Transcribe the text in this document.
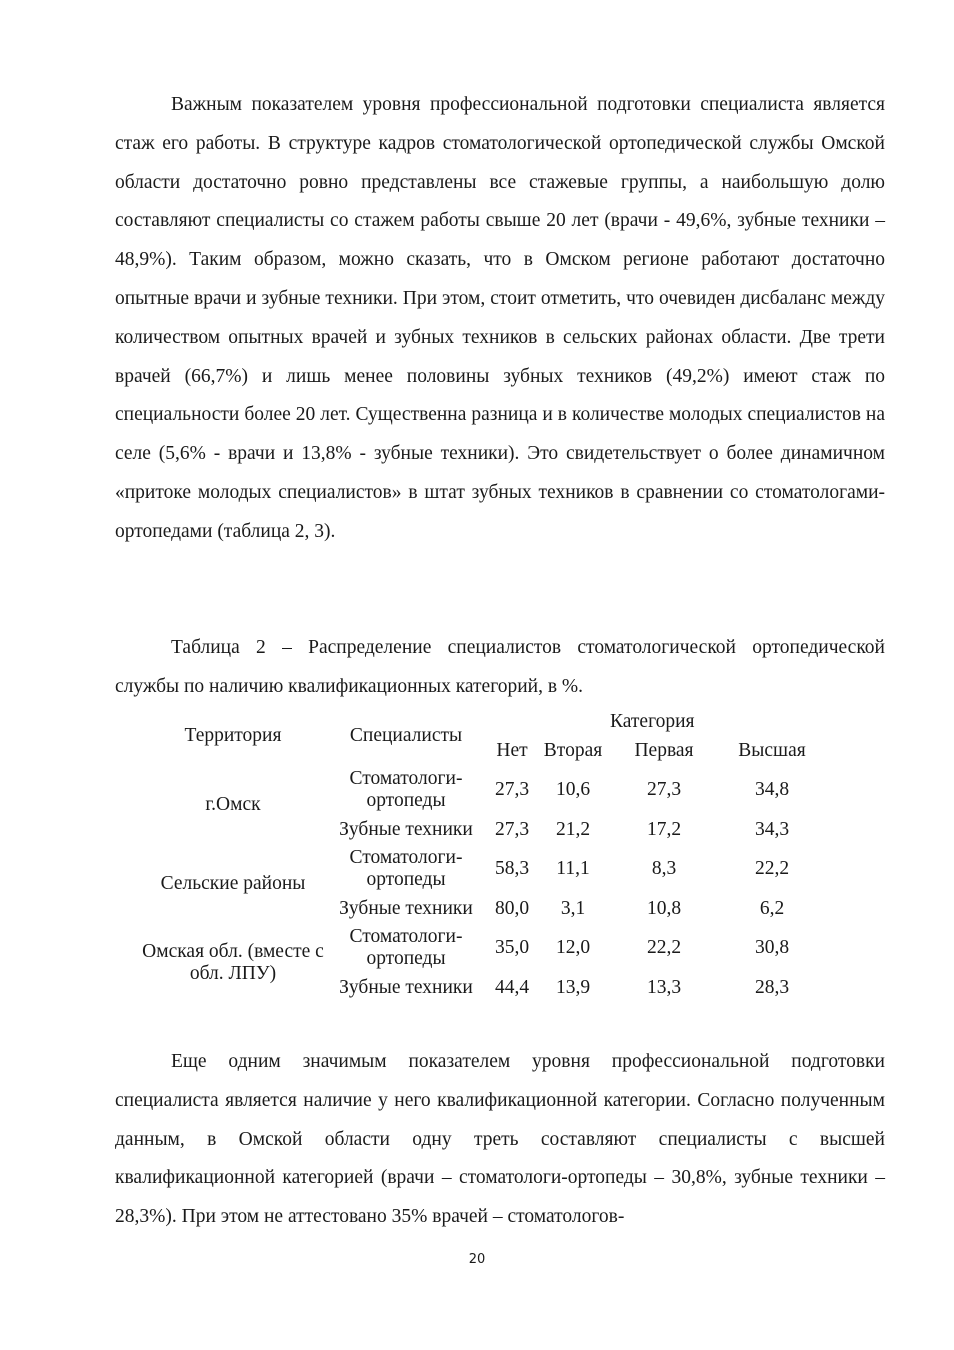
Важным показателем уровня профессиональной подготовки специалиста является стаж его работы. В структуре кадров стоматологической ортопедической службы Омской области достаточно ровно представлены все стажевые группы, а наибольшую долю составляют специалисты со стажем работы свыше 20 лет (врачи - 49,6%, зубные техники – 48,9%). Таким образом, можно сказать, что в Омском регионе работают достаточно опытные врачи и зубные техники. При этом, стоит отметить, что очевиден дисбаланс между количеством опытных врачей и зубных техников в сельских районах области. Две трети врачей (66,7%) и лишь менее половины зубных техников (49,2%) имеют стаж по специальности более 20 лет. Существенна разница и в количестве молодых специалистов на селе (5,6% - врачи и 13,8% - зубные техники). Это свидетельствует о более динамичном «притоке молодых специалистов» в штат зубных техников в сравнении со стоматологами-ортопедами (таблица 2, 3).

Таблица 2 – Распределение специалистов стоматологической ортопедической службы по наличию квалификационных категорий, в %.

Территория	Специалисты	Категория			
		Нет	Вторая	Первая	Высшая
г.Омск	Стоматологи-ортопеды	27,3	10,6	27,3	34,8
	Зубные техники	27,3	21,2	17,2	34,3
Сельские районы	Стоматологи-ортопеды	58,3	11,1	8,3	22,2
	Зубные техники	80,0	3,1	10,8	6,2
Омская обл. (вместе с обл. ЛПУ)	Стоматологи-ортопеды	35,0	12,0	22,2	30,8
	Зубные техники	44,4	13,9	13,3	28,3

Еще одним значимым показателем уровня профессиональной подготовки специалиста является наличие у него квалификационной категории. Согласно полученным данным, в Омской области одну треть составляют специалисты с высшей квалификационной категорией (врачи – стоматологи-ортопеды – 30,8%, зубные техники – 28,3%). При этом не аттестовано 35% врачей – стоматологов-

20
